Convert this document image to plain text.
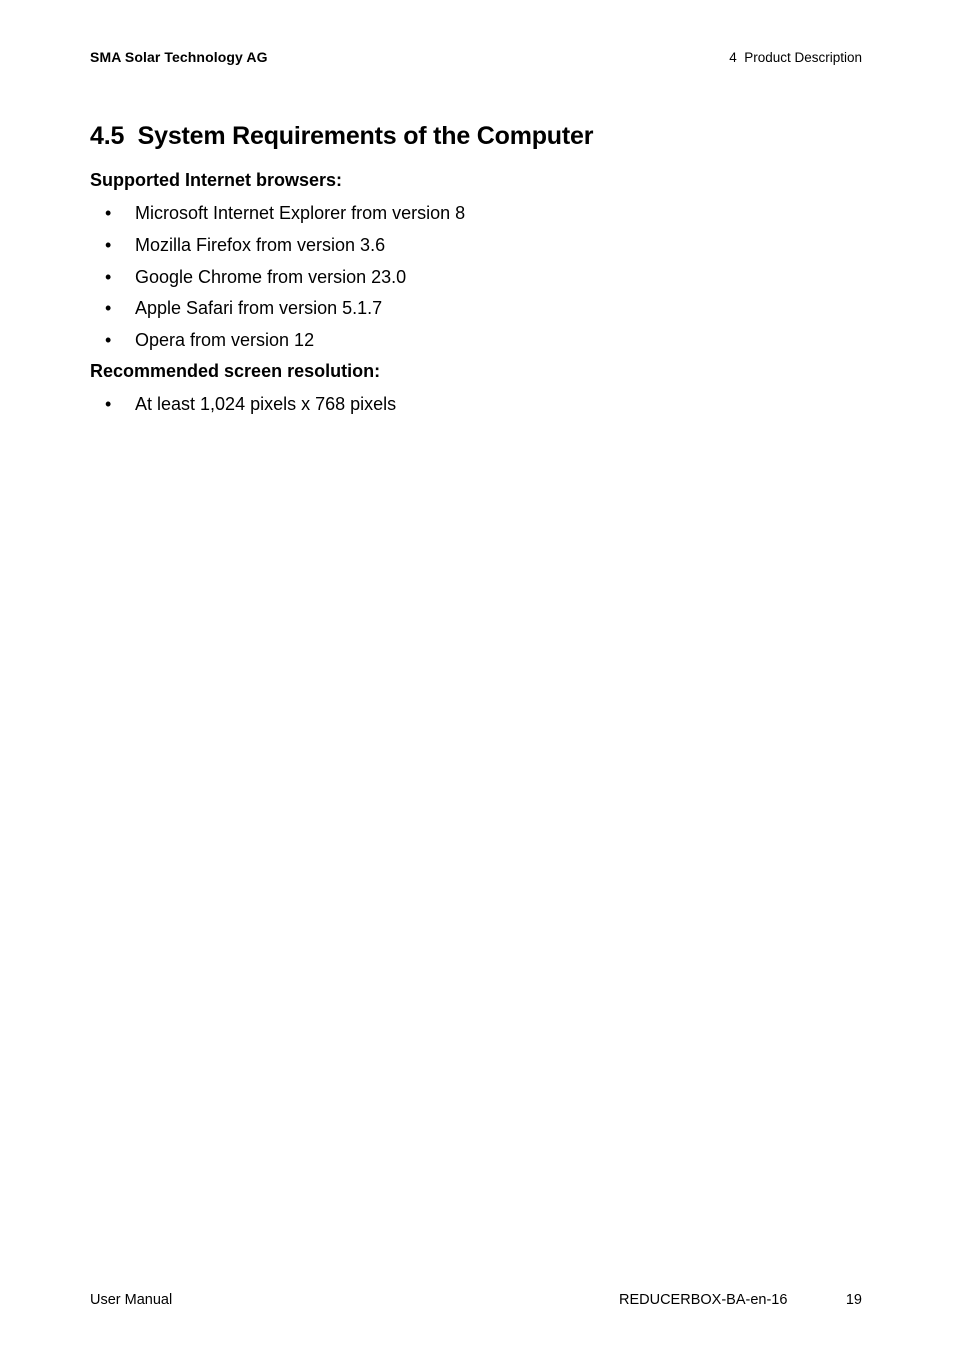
SMA Solar Technology AG	4  Product Description
4.5  System Requirements of the Computer
Supported Internet browsers:
• Microsoft Internet Explorer from version 8
• Mozilla Firefox from version 3.6
• Google Chrome from version 23.0
• Apple Safari from version 5.1.7
• Opera from version 12
Recommended screen resolution:
• At least 1,024 pixels x 768 pixels
User Manual	REDUCERBOX-BA-en-16	19
